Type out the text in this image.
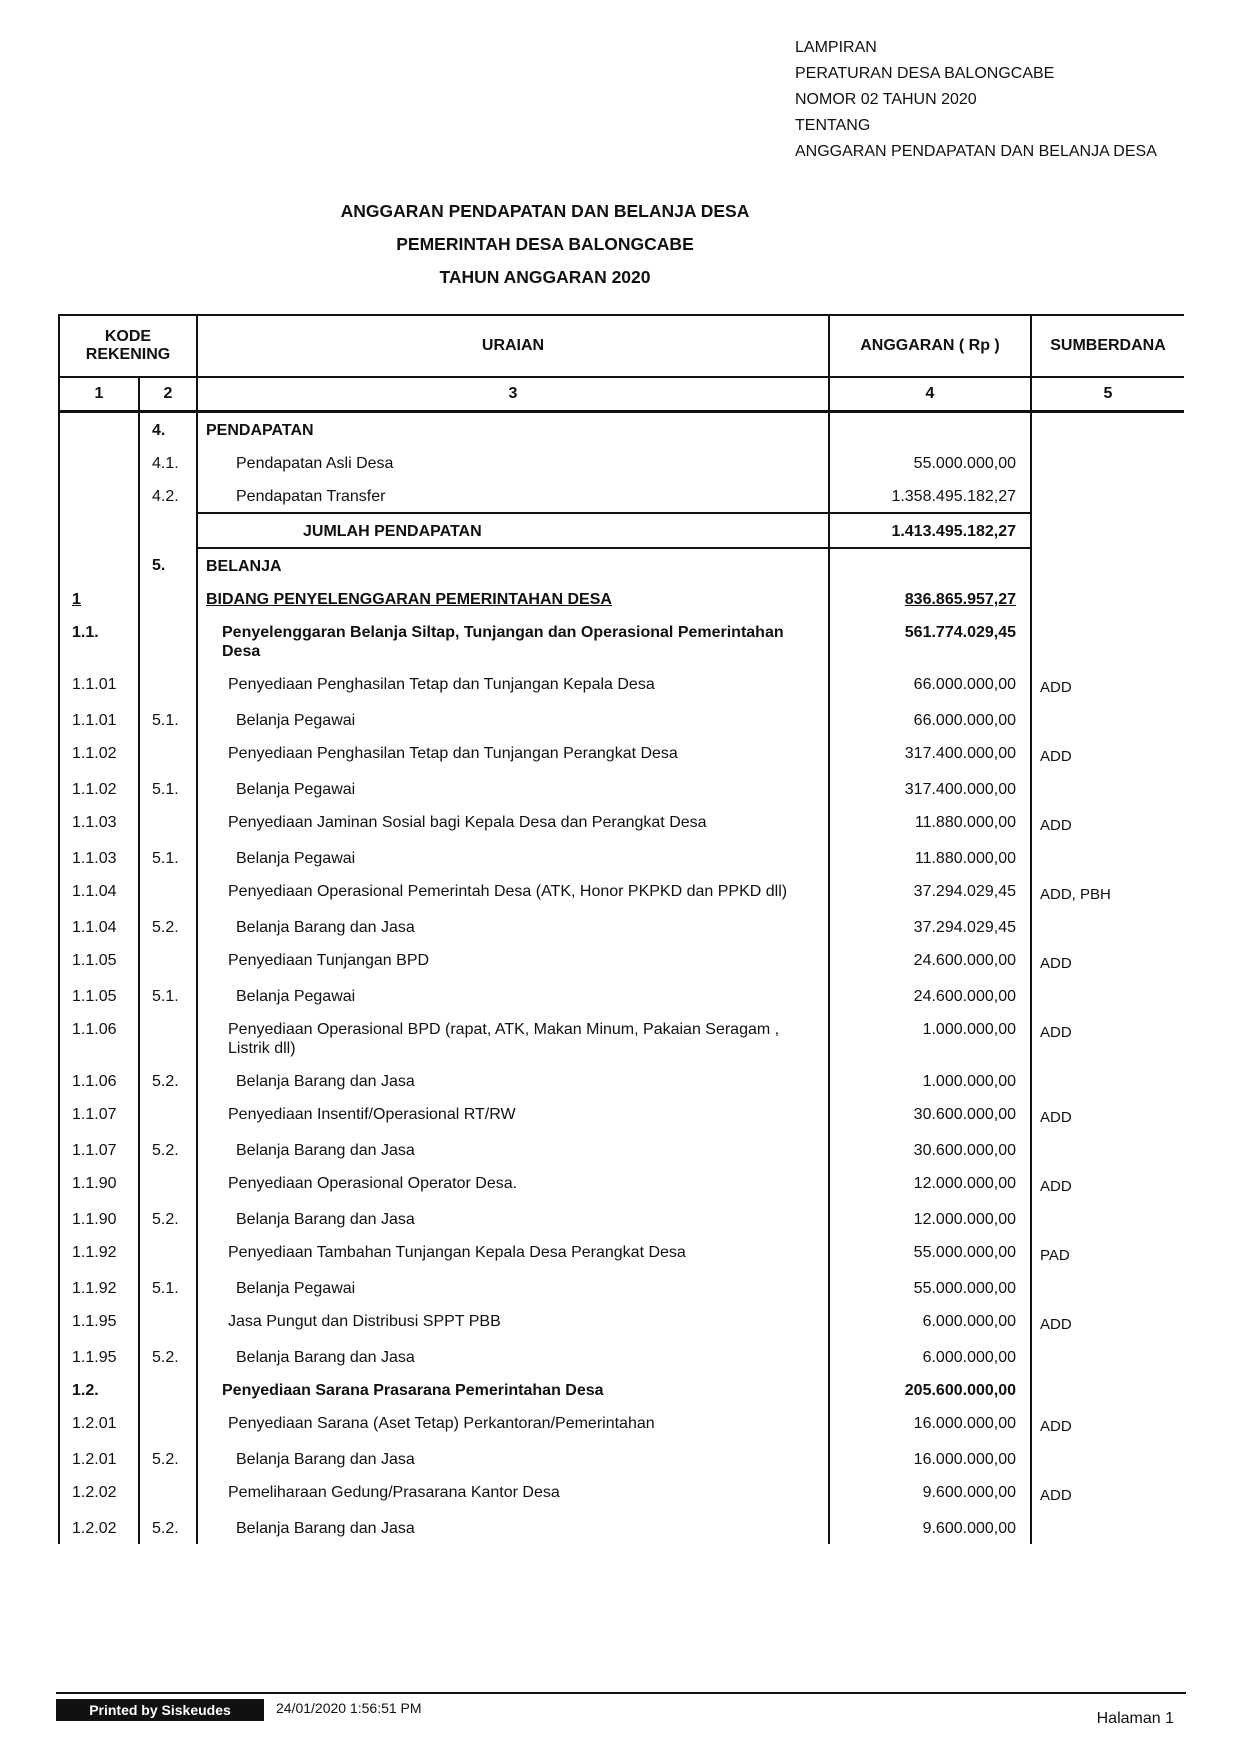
LAMPIRAN
PERATURAN DESA BALONGCABE
NOMOR 02 TAHUN 2020
TENTANG
ANGGARAN PENDAPATAN DAN BELANJA DESA
ANGGARAN PENDAPATAN DAN BELANJA DESA
PEMERINTAH DESA BALONGCABE
TAHUN ANGGARAN 2020
KODE REKENING		URAIAN	ANGGARAN ( Rp )	SUMBERDANA
1	2	3	4	5
	4.	PENDAPATAN		
	4.1.	Pendapatan Asli Desa	55.000.000,00	
	4.2.	Pendapatan Transfer	1.358.495.182,27	
		JUMLAH PENDAPATAN	1.413.495.182,27	
	5.	BELANJA		
1		BIDANG PENYELENGGARAN PEMERINTAHAN DESA	836.865.957,27	
1.1.		Penyelenggaran Belanja Siltap, Tunjangan dan Operasional Pemerintahan Desa	561.774.029,45	
1.1.01		Penyediaan Penghasilan Tetap dan Tunjangan Kepala Desa	66.000.000,00	ADD
1.1.01	5.1.	Belanja Pegawai	66.000.000,00	
1.1.02		Penyediaan Penghasilan Tetap dan Tunjangan Perangkat Desa	317.400.000,00	ADD
1.1.02	5.1.	Belanja Pegawai	317.400.000,00	
1.1.03		Penyediaan Jaminan Sosial bagi Kepala Desa dan Perangkat Desa	11.880.000,00	ADD
1.1.03	5.1.	Belanja Pegawai	11.880.000,00	
1.1.04		Penyediaan Operasional Pemerintah Desa (ATK, Honor PKPKD dan PPKD dll)	37.294.029,45	ADD, PBH
1.1.04	5.2.	Belanja Barang dan Jasa	37.294.029,45	
1.1.05		Penyediaan Tunjangan BPD	24.600.000,00	ADD
1.1.05	5.1.	Belanja Pegawai	24.600.000,00	
1.1.06		Penyediaan Operasional BPD (rapat, ATK, Makan Minum, Pakaian Seragam , Listrik dll)	1.000.000,00	ADD
1.1.06	5.2.	Belanja Barang dan Jasa	1.000.000,00	
1.1.07		Penyediaan Insentif/Operasional RT/RW	30.600.000,00	ADD
1.1.07	5.2.	Belanja Barang dan Jasa	30.600.000,00	
1.1.90		Penyediaan Operasional Operator Desa.	12.000.000,00	ADD
1.1.90	5.2.	Belanja Barang dan Jasa	12.000.000,00	
1.1.92		Penyediaan Tambahan Tunjangan Kepala Desa Perangkat Desa	55.000.000,00	PAD
1.1.92	5.1.	Belanja Pegawai	55.000.000,00	
1.1.95		Jasa Pungut dan Distribusi SPPT PBB	6.000.000,00	ADD
1.1.95	5.2.	Belanja Barang dan Jasa	6.000.000,00	
1.2.		Penyediaan Sarana Prasarana Pemerintahan Desa	205.600.000,00	
1.2.01		Penyediaan Sarana (Aset Tetap) Perkantoran/Pemerintahan	16.000.000,00	ADD
1.2.01	5.2.	Belanja Barang dan Jasa	16.000.000,00	
1.2.02		Pemeliharaan Gedung/Prasarana Kantor Desa	9.600.000,00	ADD
1.2.02	5.2.	Belanja Barang dan Jasa	9.600.000,00	
Printed by Siskeudes	24/01/2020 1:56:51 PM
Halaman 1
